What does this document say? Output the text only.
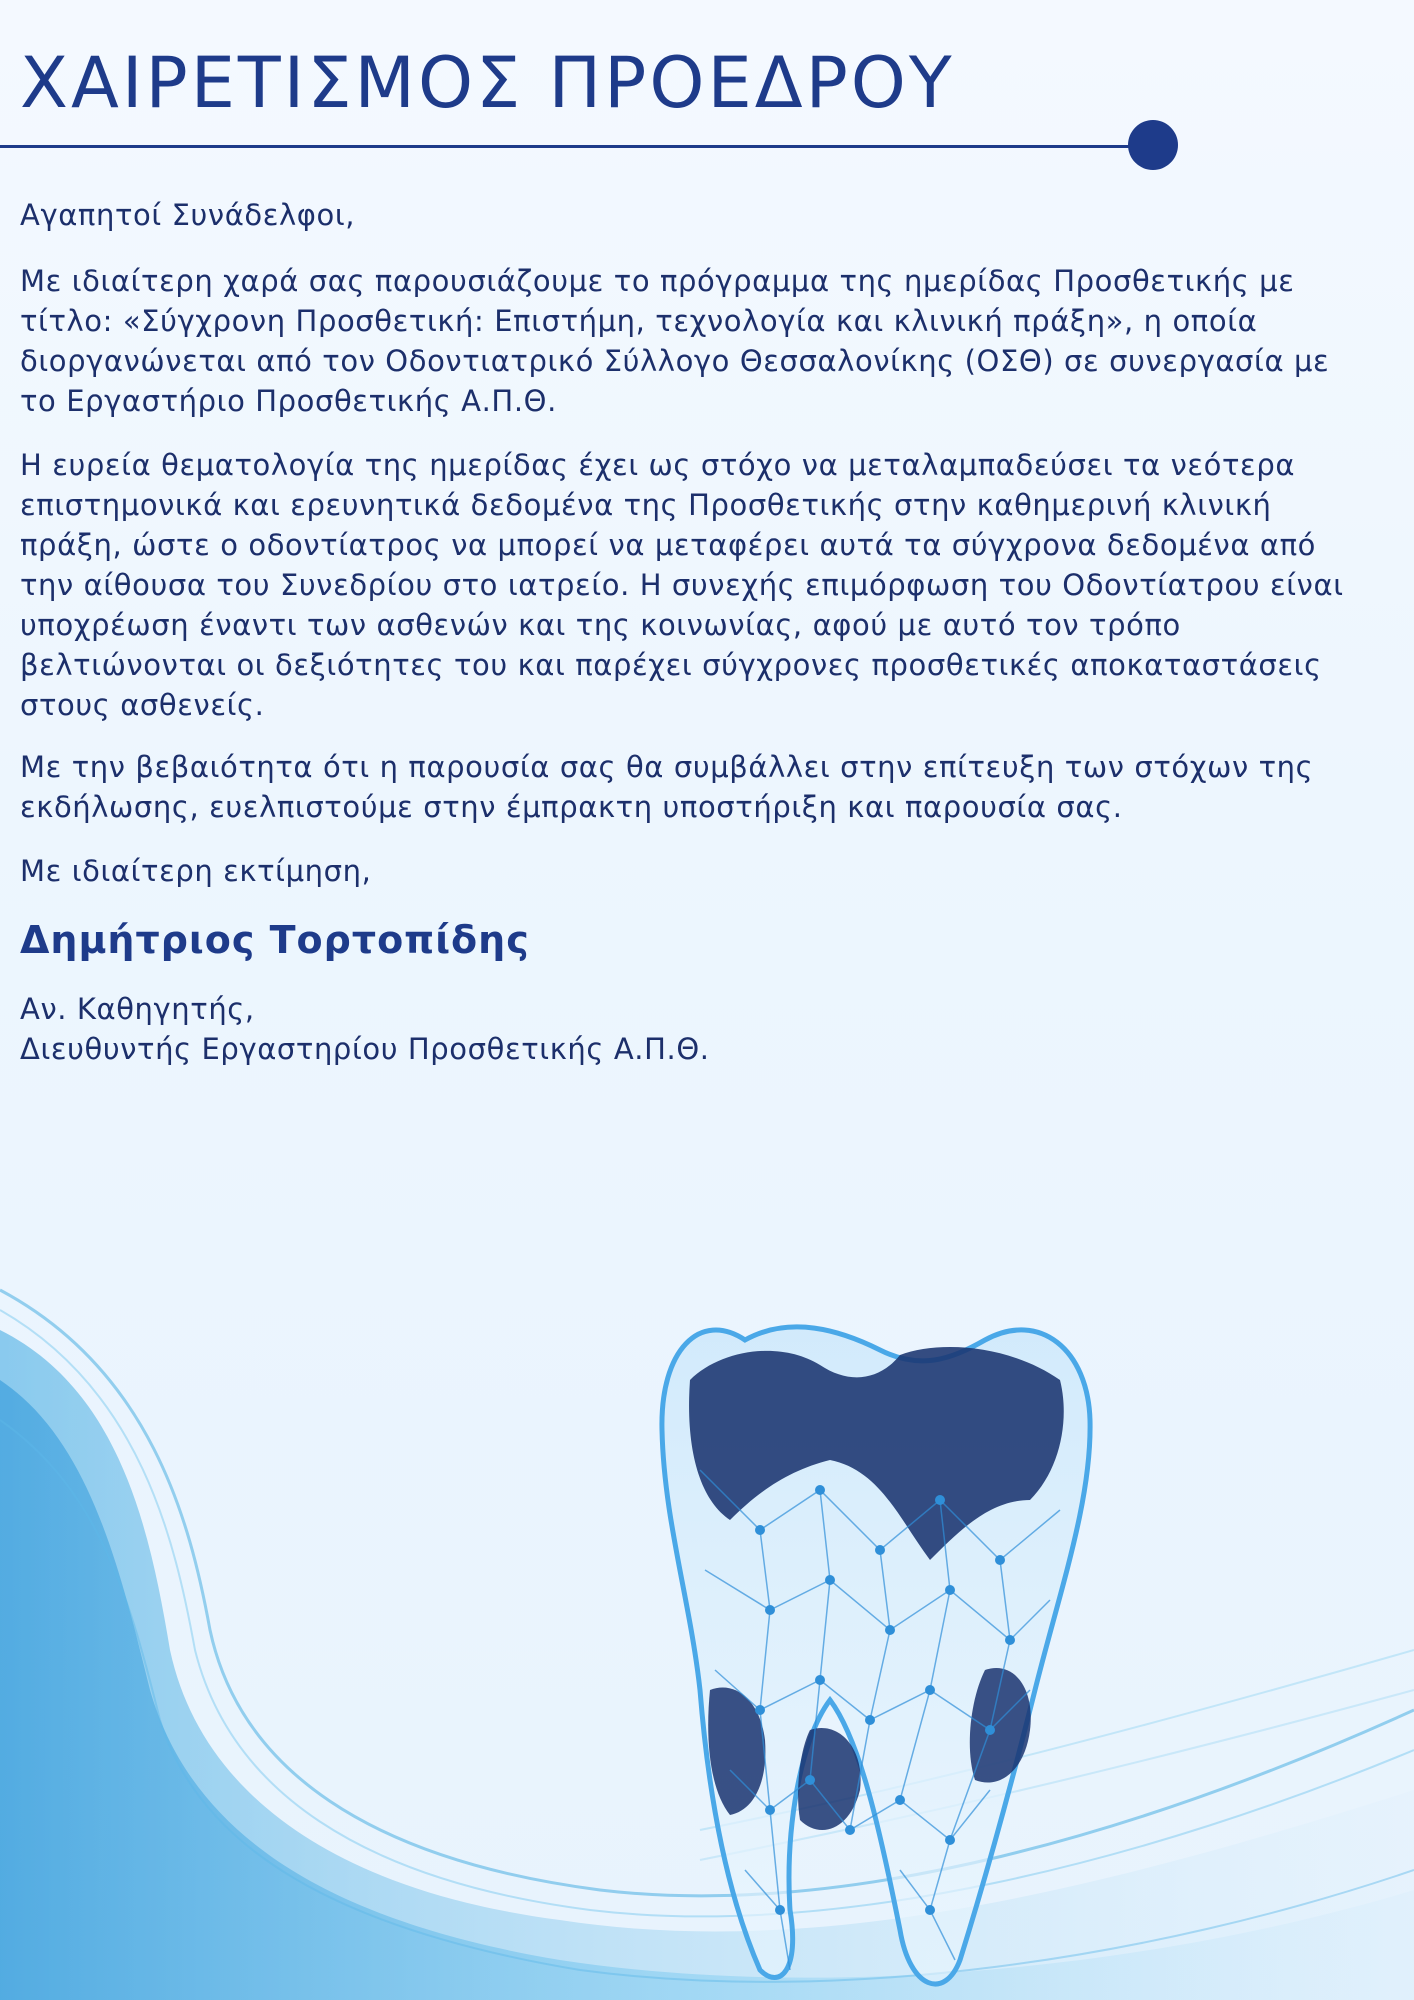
ΧΑΙΡΕΤΙΣΜΟΣ ΠΡΟΕΔΡΟΥ

Αγαπητοί Συνάδελφοι,

Με ιδιαίτερη χαρά σας παρουσιάζουμε το πρόγραμμα της ημερίδας Προσθετικής με τίτλο: «Σύγχρονη Προσθετική: Επιστήμη, τεχνολογία και κλινική πράξη», η οποία διοργανώνεται από τον Οδοντιατρικό Σύλλογο Θεσσαλονίκης (ΟΣΘ) σε συνεργασία με το Εργαστήριο Προσθετικής Α.Π.Θ.

Η ευρεία θεματολογία της ημερίδας έχει ως στόχο να μεταλαμπαδεύσει τα νεότερα επιστημονικά και ερευνητικά δεδομένα της Προσθετικής στην καθημερινή κλινική πράξη, ώστε ο οδοντίατρος να μπορεί να μεταφέρει αυτά τα σύγχρονα δεδομένα από την αίθουσα του Συνεδρίου στο ιατρείο. Η συνεχής επιμόρφωση του Οδοντίατρου είναι υποχρέωση έναντι των ασθενών και της κοινωνίας, αφού με αυτό τον τρόπο βελτιώνονται οι δεξιότητες του και παρέχει σύγχρονες προσθετικές αποκαταστάσεις στους ασθενείς.

Με την βεβαιότητα ότι η παρουσία σας θα συμβάλλει στην επίτευξη των στόχων της εκδήλωσης, ευελπιστούμε στην έμπρακτη υποστήριξη και παρουσία σας.

Με ιδιαίτερη εκτίμηση,

Δημήτριος Τορτοπίδης

Αν. Καθηγητής,
Διευθυντής Εργαστηρίου Προσθετικής Α.Π.Θ.
